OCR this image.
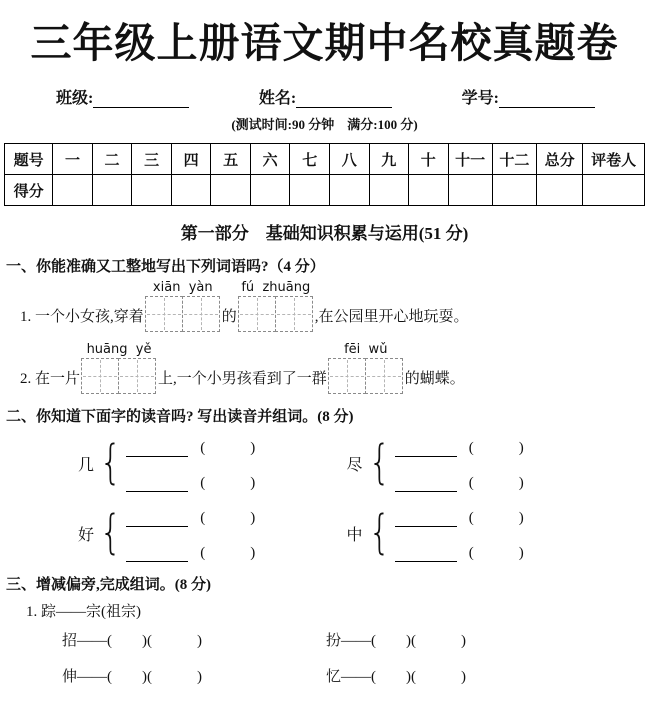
三年级上册语文期中名校真题卷
班级:	姓名:	学号:
(测试时间:90 分钟　满分:100 分)
题号	一	二	三	四	五	六	七	八	九	十	十一	十二	总分	评卷人
得分														
第一部分　基础知识积累与运用(51 分)
一、你能准确又工整地写出下列词语吗?（4 分）
1. 一个小女孩,穿着
xiān  yàn
的
fú  zhuāng
,在公园里开心地玩耍。
2. 在一片
huāng  yě
上,一个小男孩看到了一群
fēi  wǔ
的蝴蝶。
二、你知道下面字的读音吗? 写出读音并组词。(8 分)
几 {	(　　　)
(　　　)
尽 {	(　　　)
(　　　)
好 {	(　　　)
(　　　)
中 {	(　　　)
(　　　)
三、增减偏旁,完成组词。(8 分)
1. 踪——宗(祖宗)
招——(　　)(　　　)	扮——(　　)(　　　)
伸——(　　)(　　　)	忆——(　　)(　　　)
